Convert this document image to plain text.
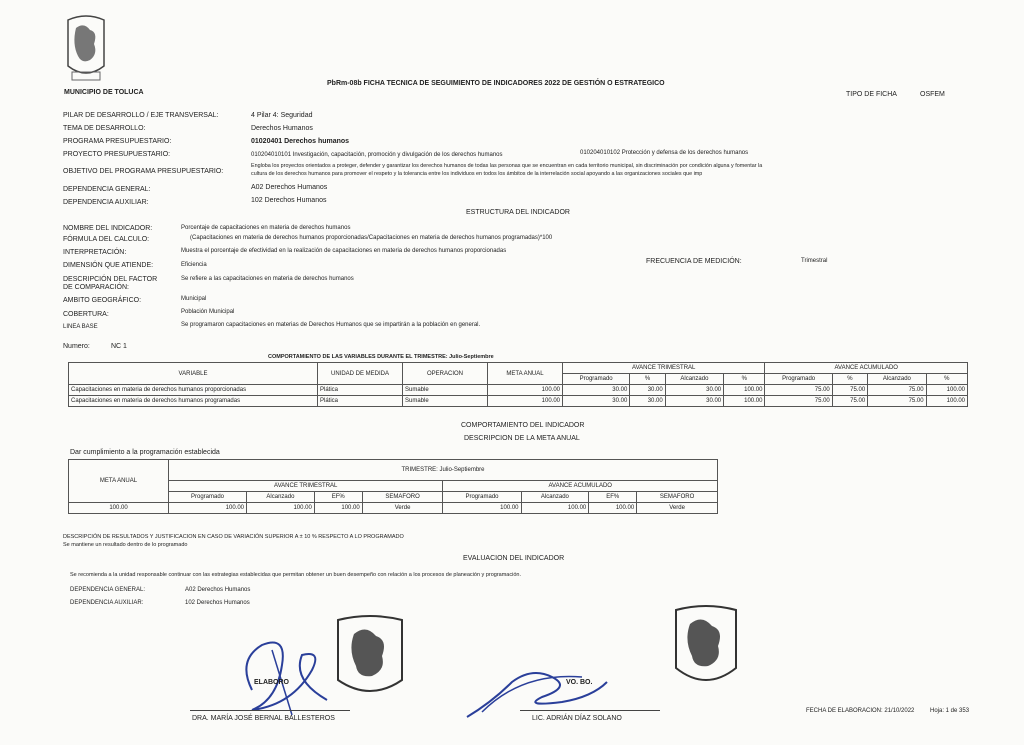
MUNICIPIO DE TOLUCA
PbRm-08b FICHA TECNICA DE SEGUIMIENTO DE INDICADORES 2022 DE GESTIÓN O ESTRATEGICO
TIPO DE FICHA	OSFEM
PILAR DE DESARROLLO / EJE TRANSVERSAL:	4 Pilar 4: Seguridad
TEMA DE DESARROLLO:	Derechos Humanos
PROGRAMA PRESUPUESTARIO:	01020401 Derechos humanos
PROYECTO PRESUPUESTARIO:	010204010101 Investigación, capacitación, promoción y divulgación de los derechos humanos	010204010102 Protección y defensa de los derechos humanos
OBJETIVO DEL PROGRAMA PRESUPUESTARIO:
Engloba los proyectos orientados a proteger, defender y garantizar los derechos humanos de todas las personas que se encuentran en cada territorio municipal, sin discriminación por condición alguna y fomentar la
cultura de los derechos humanos para promover el respeto y la tolerancia entre los individuos en todos los ámbitos de la interrelación social apoyando a las organizaciones sociales que imp
DEPENDENCIA GENERAL:	A02 Derechos Humanos
DEPENDENCIA AUXILIAR:	102 Derechos Humanos
ESTRUCTURA DEL INDICADOR
NOMBRE DEL INDICADOR:	Porcentaje de capacitaciones en materia de derechos humanos
FÓRMULA DEL CALCULO:	(Capacitaciones en materia de derechos humanos proporcionadas/Capacitaciones en materia de derechos humanos programadas)*100
INTERPRETACIÓN:	Muestra el porcentaje de efectividad en la realización de capacitaciones en materia de derechos humanos proporcionadas
DIMENSIÓN QUE ATIENDE:	Eficiencia	FRECUENCIA DE MEDICIÓN:	Trimestral
DESCRIPCIÓN DEL FACTOR
DE COMPARACIÓN:
Se refiere a las capacitaciones en materia de derechos humanos
AMBITO GEOGRÁFICO:	Municipal
COBERTURA:	Población Municipal
LINEA BASE	Se programaron capacitaciones en materias de Derechos Humanos que se impartirán a la población en general.
Numero:	NC 1
COMPORTAMIENTO DE LAS VARIABLES DURANTE EL TRIMESTRE: Julio-Septiembre
VARIABLE	UNIDAD DE MEDIDA	OPERACION	META ANUAL	AVANCE TRIMESTRAL				AVANCE ACUMULADO			
				Programado	%	Alcanzado	%	Programado	%	Alcanzado	%
Capacitaciones en materia de derechos humanos proporcionadas	Plática	Sumable	100.00	30.00	30.00	30.00	100.00	75.00	75.00	75.00	100.00
Capacitaciones en materia de derechos humanos programadas	Plática	Sumable	100.00	30.00	30.00	30.00	100.00	75.00	75.00	75.00	100.00
COMPORTAMIENTO DEL INDICADOR
DESCRIPCION DE LA META ANUAL
Dar cumplimiento a la programación establecida
META ANUAL	TRIMESTRE: Julio-Septiembre							
	AVANCE TRIMESTRAL				AVANCE ACUMULADO			
	Programado	Alcanzado	EF%	SEMAFORO	Programado	Alcanzado	EF%	SEMAFORO
100.00	100.00	100.00	100.00	Verde	100.00	100.00	100.00	Verde
DESCRIPCIÓN DE RESULTADOS Y JUSTIFICACION EN CASO DE VARIACIÓN SUPERIOR A ± 10 % RESPECTO A LO PROGRAMADO
Se mantiene un resultado dentro de lo programado
EVALUACION DEL INDICADOR
Se recomienda a la unidad responsable continuar con las estrategias establecidas que permitan obtener un buen desempeño con relación a los procesos de planeación y programación.
DEPENDENCIA GENERAL:	A02 Derechos Humanos
DEPENDENCIA AUXILIAR:	102 Derechos Humanos
ELABORO	VO. BO.
DRA. MARÍA JOSÉ BERNAL BALLESTEROS	LIC. ADRIÁN DÍAZ SOLANO
FECHA DE ELABORACION: 21/10/2022	Hoja: 1 de 353
